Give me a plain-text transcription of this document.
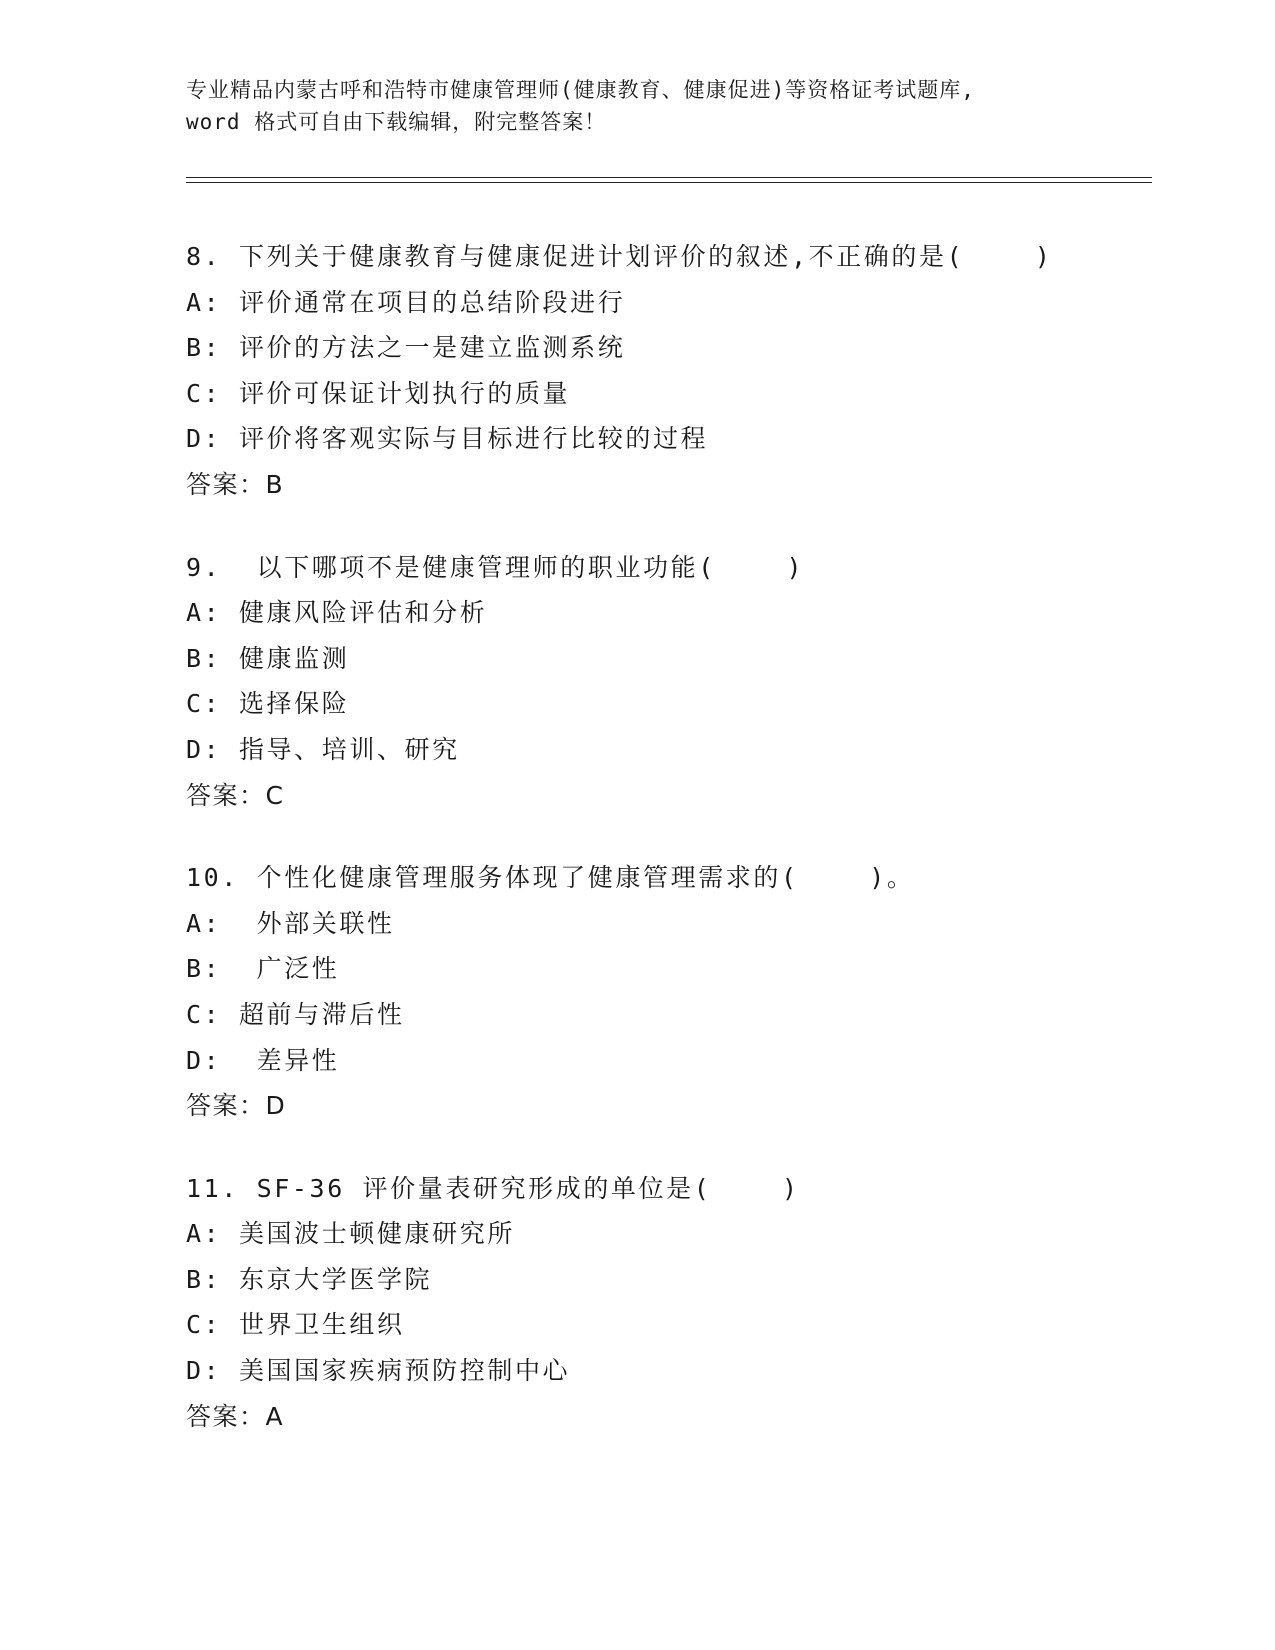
专业精品内蒙古呼和浩特市健康管理师(健康教育、健康促进)等资格证考试题库,
word 格式可自由下载编辑，附完整答案！
8. 下列关于健康教育与健康促进计划评价的叙述,不正确的是(    )
A: 评价通常在项目的总结阶段进行
B: 评价的方法之一是建立监测系统
C: 评价可保证计划执行的质量
D: 评价将客观实际与目标进行比较的过程
答案：B
9.  以下哪项不是健康管理师的职业功能(    )
A: 健康风险评估和分析
B: 健康监测
C: 选择保险
D: 指导、培训、研究
答案：C
10. 个性化健康管理服务体现了健康管理需求的(    )。
A:  外部关联性
B:  广泛性
C: 超前与滞后性
D:  差异性
答案：D
11. SF-36 评价量表研究形成的单位是(    )
A: 美国波士顿健康研究所
B: 东京大学医学院
C: 世界卫生组织
D: 美国国家疾病预防控制中心
答案：A
